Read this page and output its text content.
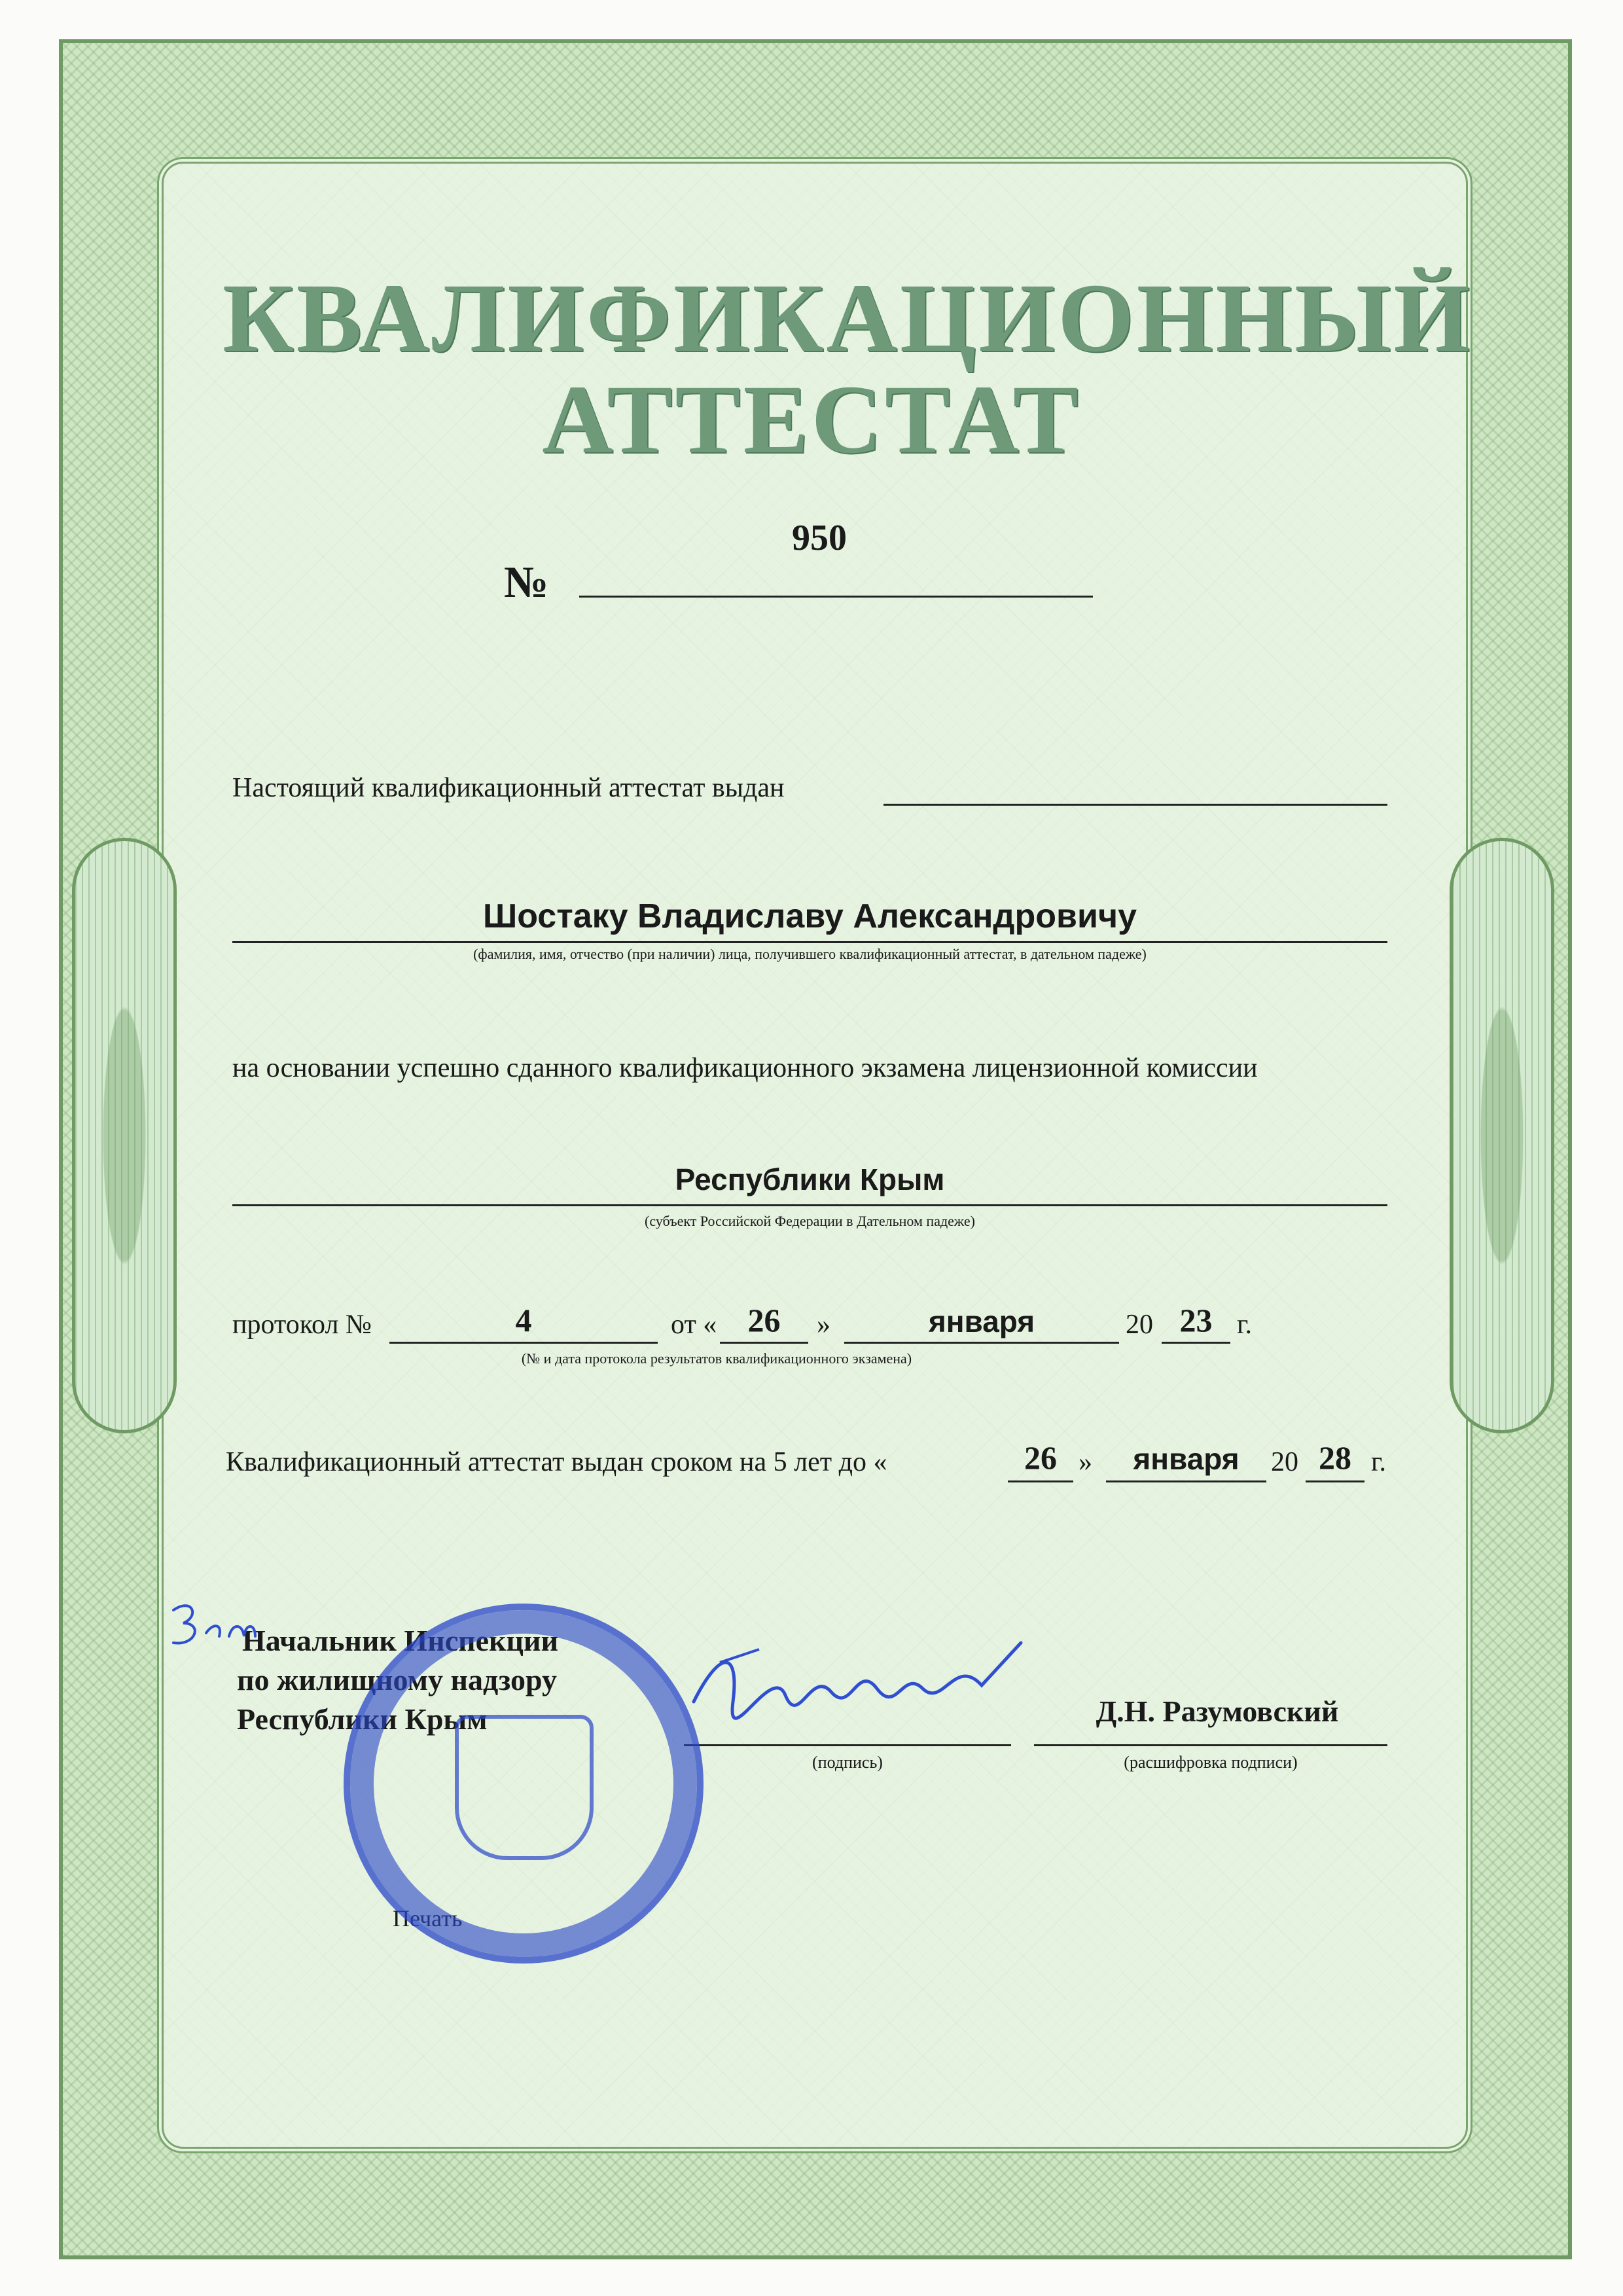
КВАЛИФИКАЦИОННЫЙ
АТТЕСТАТ
№
950
Настоящий квалификационный аттестат выдан
Шостаку Владиславу Александровичу
(фамилия, имя, отчество (при наличии) лица, получившего квалификационный аттестат, в дательном падеже)
на основании успешно сданного квалификационного экзамена лицензионной комиссии
Республики Крым
(субъект Российской Федерации в Дательном падеже)
протокол №	4	от « 26	»	января	20 23 г.
(№ и дата протокола результатов квалификационного экзамена)
Квалификационный аттестат выдан сроком на 5 лет до «	26 »	января	20 28 г.
Начальник Инспекции
по жилищному надзору
Республики Крым
(подпись)
Д.Н. Разумовский
(расшифровка подписи)
Печать
